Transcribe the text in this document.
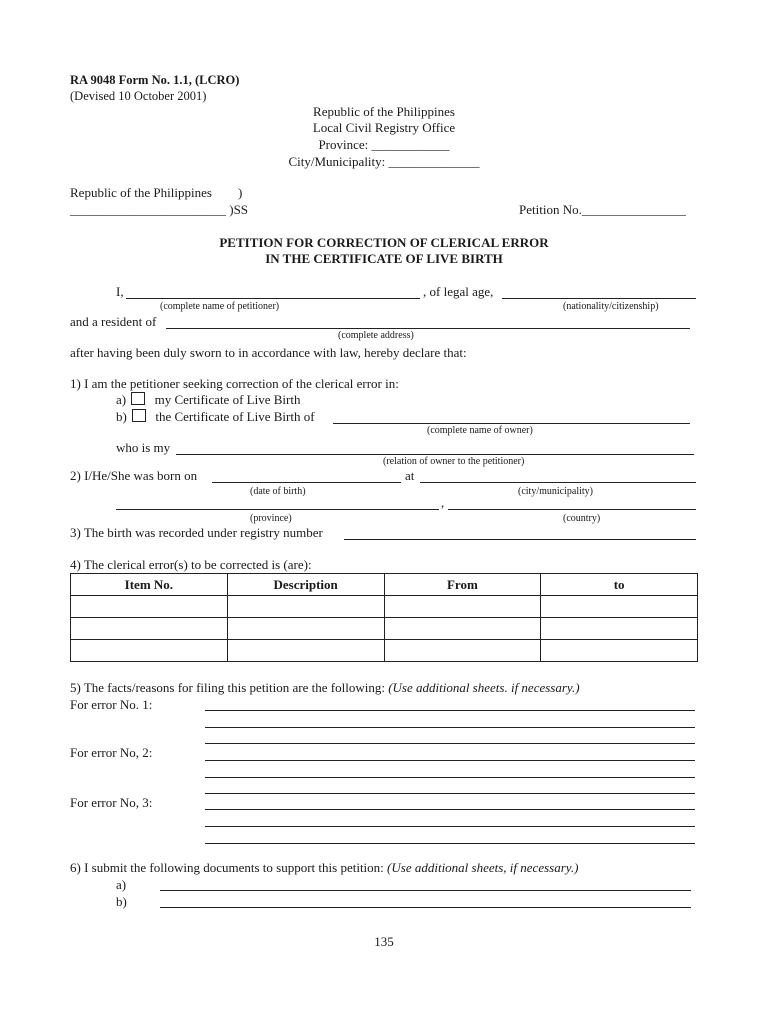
RA 9048 Form No. 1.1, (LCRO)
(Devised 10 October 2001)
Republic of the Philippines
Local Civil Registry Office
Province: ____________
City/Municipality: ______________
Republic of the Philippines )
________________________ )SS	Petition No.________________
PETITION FOR CORRECTION OF CLERICAL ERROR
IN THE CERTIFICATE OF LIVE BIRTH
I,	, of legal age,
(complete name of petitioner)	(nationality/citizenship)
and a resident of
(complete address)
after having been duly sworn to in accordance with law, hereby declare that:
1) I am the petitioner seeking correction of the clerical error in:
a) my Certificate of Live Birth
b) the Certificate of Live Birth of
(complete name of owner)
who is my
(relation of owner to the petitioner)
2) I/He/She was born on	at
(date of birth)	(city/municipality)
,
(province)	(country)
3) The birth was recorded under registry number
4) The clerical error(s) to be corrected is (are):
Item No.	Description	From	to

5) The facts/reasons for filing this petition are the following: (Use additional sheets. if necessary.)
For error No. 1:
For error No, 2:
For error No, 3:
6) I submit the following documents to support this petition: (Use additional sheets, if necessary.)
a)
b)
135
